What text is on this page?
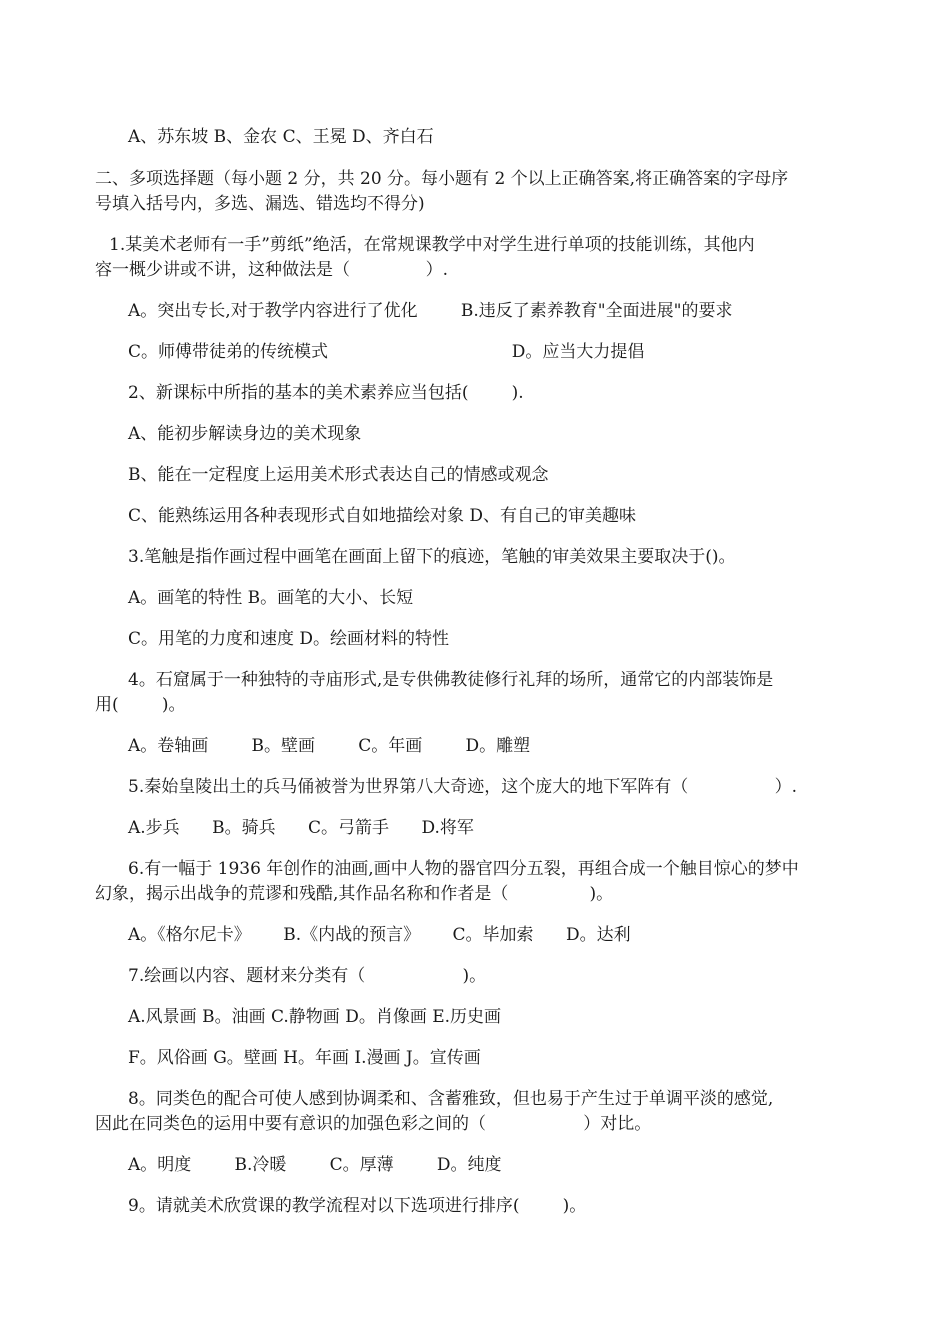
A、苏东坡 B、金农 C、王冕 D、齐白石
二、多项选择题（每小题 2 分，共 20 分。每小题有 2 个以上正确答案,将正确答案的字母序
号填入括号内，多选、漏选、错选均不得分)
1.某美术老师有一手”剪纸”绝活，在常规课教学中对学生进行单项的技能训练，其他内
容一概少讲或不讲，这种做法是（              ）.
A。突出专长,对于教学内容进行了优化        B.违反了素养教育"全面进展"的要求
C。师傅带徒弟的传统模式                                  D。应当大力提倡
2、新课标中所指的基本的美术素养应当包括(        ).
A、能初步解读身边的美术现象
B、能在一定程度上运用美术形式表达自己的情感或观念
C、能熟练运用各种表现形式自如地描绘对象 D、有自己的审美趣味
3.笔触是指作画过程中画笔在画面上留下的痕迹，笔触的审美效果主要取决于()。
A。画笔的特性 B。画笔的大小、长短
C。用笔的力度和速度 D。绘画材料的特性
4。石窟属于一种独特的寺庙形式,是专供佛教徒修行礼拜的场所，通常它的内部装饰是
用(        )。
A。卷轴画        B。壁画        C。年画        D。雕塑
5.秦始皇陵出土的兵马俑被誉为世界第八大奇迹，这个庞大的地下军阵有（                ）.
A.步兵      B。骑兵      C。弓箭手      D.将军
6.有一幅于 1936 年创作的油画,画中人物的器官四分五裂，再组合成一个触目惊心的梦中
幻象，揭示出战争的荒谬和残酷,其作品名称和作者是（               )。
A。《格尔尼卡》      B.《内战的预言》      C。毕加索      D。达利
7.绘画以内容、题材来分类有（                  )。
A.风景画 B。油画 C.静物画 D。肖像画 E.历史画
F。风俗画 G。壁画 H。年画 I.漫画 J。宣传画
8。同类色的配合可使人感到协调柔和、含蓄雅致，但也易于产生过于单调平淡的感觉,
因此在同类色的运用中要有意识的加强色彩之间的（                  ）对比。
A。明度        B.冷暖        C。厚薄        D。纯度
9。请就美术欣赏课的教学流程对以下选项进行排序(        )。
